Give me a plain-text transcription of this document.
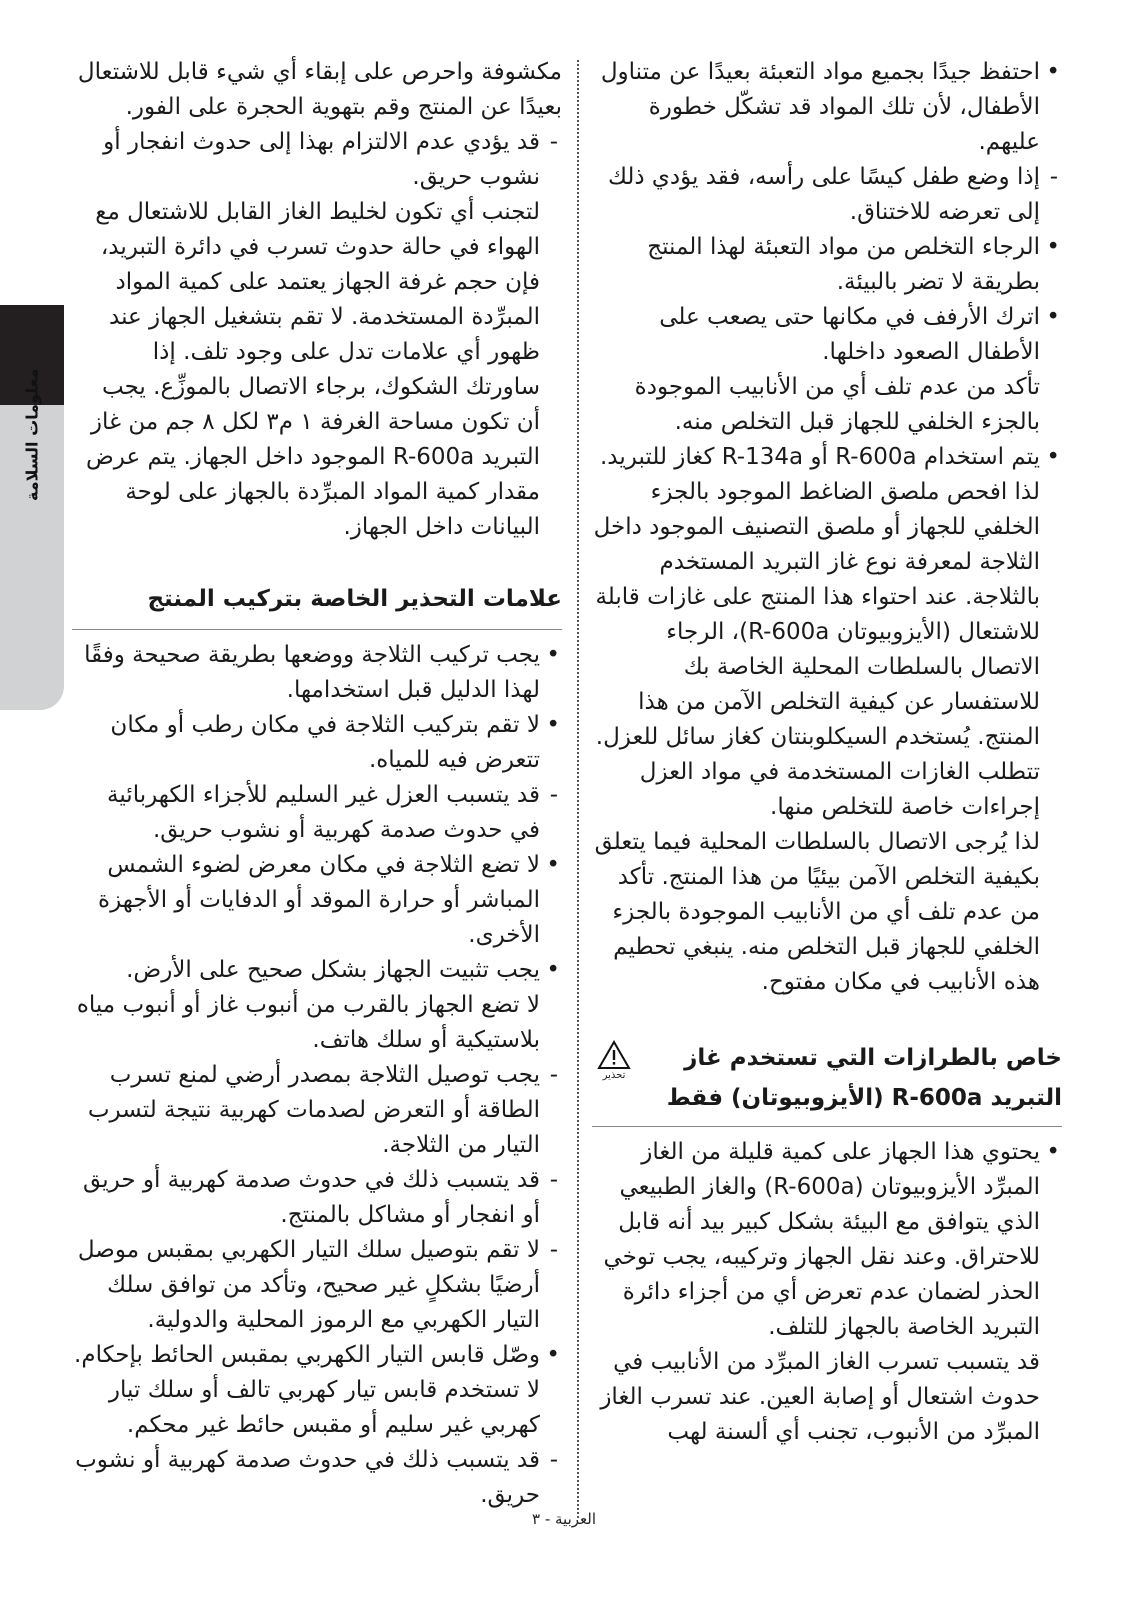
معلومات السلامة

• احتفظ جيدًا بجميع مواد التعبئة بعيدًا عن متناول الأطفال، لأن تلك المواد قد تشكّل خطورة عليهم.

- إذا وضع طفل كيسًا على رأسه، فقد يؤدي ذلك إلى تعرضه للاختناق.

• الرجاء التخلص من مواد التعبئة لهذا المنتج بطريقة لا تضر بالبيئة.

• اترك الأرفف في مكانها حتى يصعب على الأطفال الصعود داخلها.

تأكد من عدم تلف أي من الأنابيب الموجودة بالجزء الخلفي للجهاز قبل التخلص منه.

• يتم استخدام R-600a أو R-134a كغاز للتبريد. لذا افحص ملصق الضاغط الموجود بالجزء الخلفي للجهاز أو ملصق التصنيف الموجود داخل الثلاجة لمعرفة نوع غاز التبريد المستخدم بالثلاجة. عند احتواء هذا المنتج على غازات قابلة للاشتعال (الأيزوبيوتان R-600a)، الرجاء الاتصال بالسلطات المحلية الخاصة بك للاستفسار عن كيفية التخلص الآمن من هذا المنتج. يُستخدم السيكلوبنتان كغاز سائل للعزل. تتطلب الغازات المستخدمة في مواد العزل إجراءات خاصة للتخلص منها.

لذا يُرجى الاتصال بالسلطات المحلية فيما يتعلق بكيفية التخلص الآمن بيئيًا من هذا المنتج. تأكد من عدم تلف أي من الأنابيب الموجودة بالجزء الخلفي للجهاز قبل التخلص منه. ينبغي تحطيم هذه الأنابيب في مكان مفتوح.

خاص بالطرازات التي تستخدم غاز التبريد R-600a (الأيزوبيوتان) فقط
تحذير

• يحتوي هذا الجهاز على كمية قليلة من الغاز المبرِّد الأيزوبيوتان (R-600a) والغاز الطبيعي الذي يتوافق مع البيئة بشكل كبير بيد أنه قابل للاحتراق. وعند نقل الجهاز وتركيبه، يجب توخي الحذر لضمان عدم تعرض أي من أجزاء دائرة التبريد الخاصة بالجهاز للتلف.

قد يتسبب تسرب الغاز المبرِّد من الأنابيب في حدوث اشتعال أو إصابة العين. عند تسرب الغاز المبرِّد من الأنبوب، تجنب أي ألسنة لهب

مكشوفة واحرص على إبقاء أي شيء قابل للاشتعال بعيدًا عن المنتج وقم بتهوية الحجرة على الفور.

- قد يؤدي عدم الالتزام بهذا إلى حدوث انفجار أو نشوب حريق.

لتجنب أي تكون لخليط الغاز القابل للاشتعال مع الهواء في حالة حدوث تسرب في دائرة التبريد، فإن حجم غرفة الجهاز يعتمد على كمية المواد المبرِّدة المستخدمة. لا تقم بتشغيل الجهاز عند ظهور أي علامات تدل على وجود تلف. إذا ساورتك الشكوك، برجاء الاتصال بالموزِّع. يجب أن تكون مساحة الغرفة ١ م٣ لكل ٨ جم من غاز التبريد R-600a الموجود داخل الجهاز. يتم عرض مقدار كمية المواد المبرِّدة بالجهاز على لوحة البيانات داخل الجهاز.

علامات التحذير الخاصة بتركيب المنتج

• يجب تركيب الثلاجة ووضعها بطريقة صحيحة وفقًا لهذا الدليل قبل استخدامها.

• لا تقم بتركيب الثلاجة في مكان رطب أو مكان تتعرض فيه للمياه.

- قد يتسبب العزل غير السليم للأجزاء الكهربائية في حدوث صدمة كهربية أو نشوب حريق.

• لا تضع الثلاجة في مكان معرض لضوء الشمس المباشر أو حرارة الموقد أو الدفايات أو الأجهزة الأخرى.

• يجب تثبيت الجهاز بشكل صحيح على الأرض.

لا تضع الجهاز بالقرب من أنبوب غاز أو أنبوب مياه بلاستيكية أو سلك هاتف.

- يجب توصيل الثلاجة بمصدر أرضي لمنع تسرب الطاقة أو التعرض لصدمات كهربية نتيجة لتسرب التيار من الثلاجة.

- قد يتسبب ذلك في حدوث صدمة كهربية أو حريق أو انفجار أو مشاكل بالمنتج.

- لا تقم بتوصيل سلك التيار الكهربي بمقبس موصل أرضيًا بشكلٍ غير صحيح، وتأكد من توافق سلك التيار الكهربي مع الرموز المحلية والدولية.

• وصّل قابس التيار الكهربي بمقبس الحائط بإحكام. لا تستخدم قابس تيار كهربي تالف أو سلك تيار كهربي غير سليم أو مقبس حائط غير محكم.

- قد يتسبب ذلك في حدوث صدمة كهربية أو نشوب حريق.

العربية - ٣
